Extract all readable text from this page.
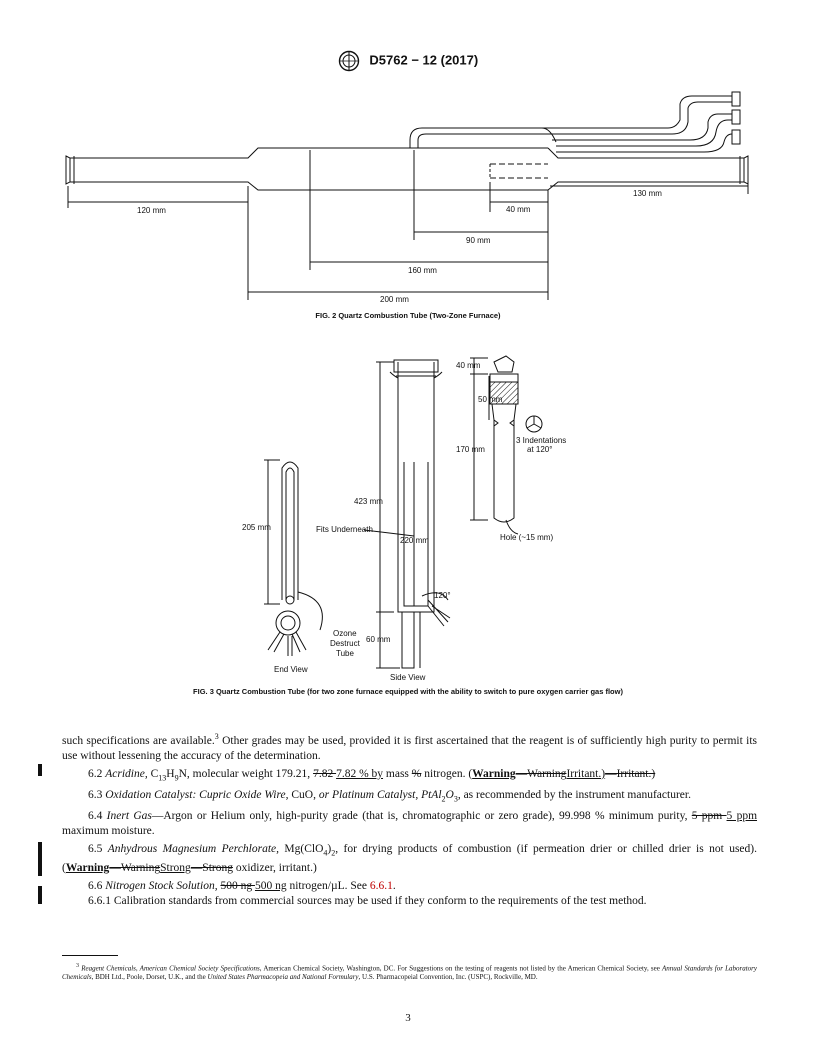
D5762 − 12 (2017)
130 mm
40 mm
120 mm
90 mm
160 mm
200 mm
FIG. 2 Quartz Combustion Tube (Two-Zone Furnace)
40 mm
50 mm
170 mm
3 Indentations
at 120°
Hole (~15 mm)
423 mm
220 mm
205 mm	Fits Underneath
120°
60 mm
Ozone
Destruct
Tube
End View
Side View
FIG. 3 Quartz Combustion Tube (for two zone furnace equipped with the ability to switch to pure oxygen carrier gas flow)

such specifications are available.$^3$ Other grades may be used, provided it is first ascertained that the reagent is of sufficiently high purity to permit its use without lessening the accuracy of the determination.

6.2 Acridine, $C_{13}H_9N$, molecular weight 179.21, 7.82 7.82 % by mass % nitrogen. (Warning—WarningIrritant.)—Irritant.)

6.3 Oxidation Catalyst: Cupric Oxide Wire, CuO, or Platinum Catalyst, $PtAl_2O_3$, as recommended by the instrument manufacturer.

6.4 Inert Gas—Argon or Helium only, high-purity grade (that is, chromatographic or zero grade), 99.998 % minimum purity, 5 ppm 5 ppm maximum moisture.

6.5 Anhydrous Magnesium Perchlorate, $Mg(ClO_4)_2$, for drying products of combustion (if permeation drier or chilled drier is not used). (Warning—WarningStrong—Strong oxidizer, irritant.)

6.6 Nitrogen Stock Solution, 500 ng 500 ng nitrogen/µL. See 6.6.1.

6.6.1 Calibration standards from commercial sources may be used if they conform to the requirements of the test method.

$^3$ Reagent Chemicals, American Chemical Society Specifications, American Chemical Society, Washington, DC. For Suggestions on the testing of reagents not listed by the American Chemical Society, see Annual Standards for Laboratory Chemicals, BDH Ltd., Poole, Dorset, U.K., and the United States Pharmacopeia and National Formulary, U.S. Pharmacopeial Convention, Inc. (USPC), Rockville, MD.
3
